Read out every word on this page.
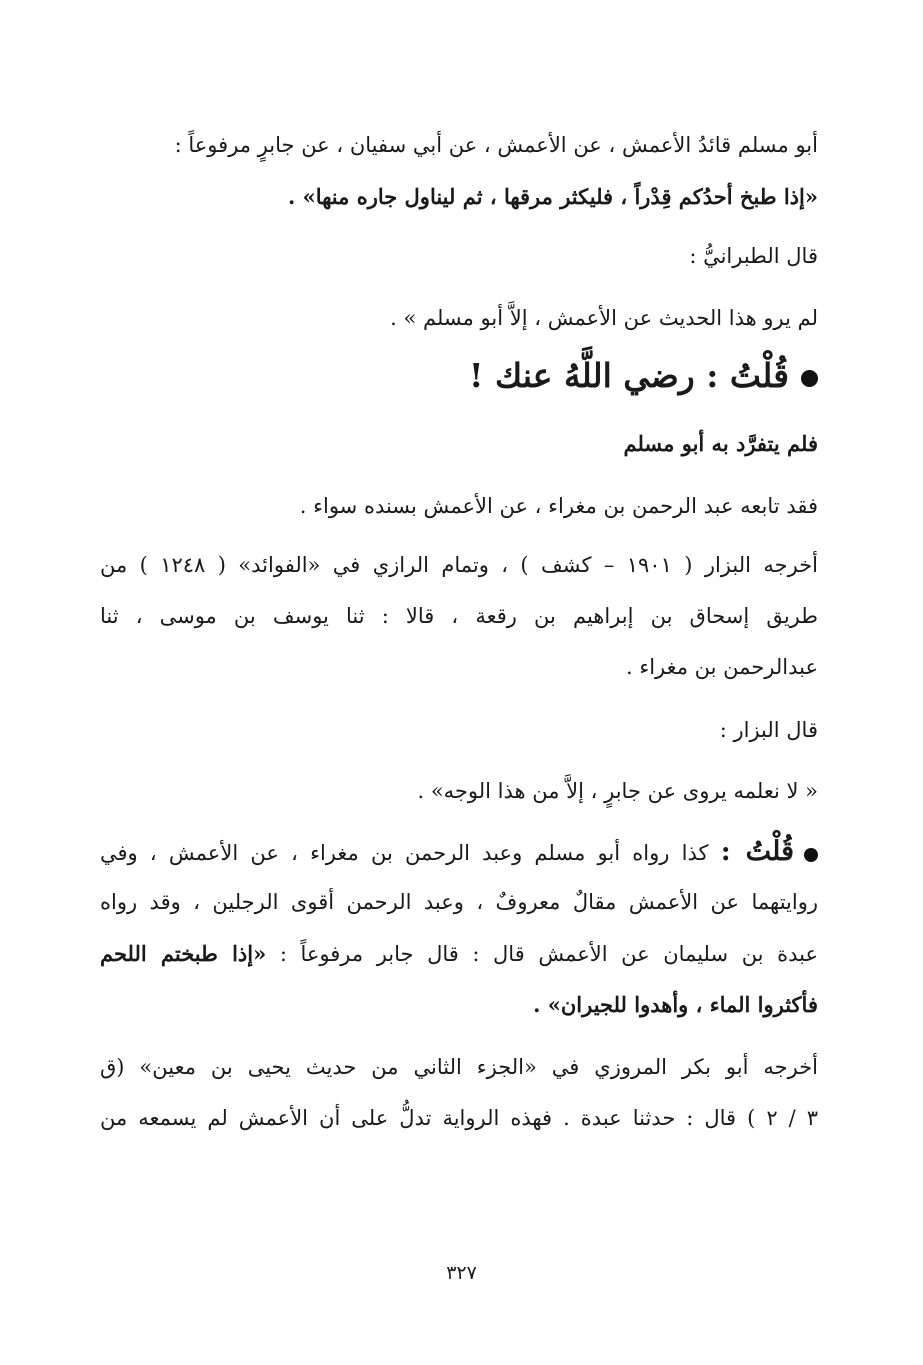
أبو مسلم قائدُ الأعمش ، عن الأعمش ، عن أبي سفيان ، عن جابرٍ مرفوعاً :
«إذا طبخ أحدُكم قِدْراً ، فليكثر مرقها ، ثم ليناول جاره منها» .
قال الطبرانيُّ :
لم يرو هذا الحديث عن الأعمش ، إلاَّ أبو مسلم » .
قُلْتُ : رضي اللَّهُ عنك !
فلم يتفرَّد به أبو مسلم
فقد تابعه عبد الرحمن بن مغراء ، عن الأعمش بسنده سواء .
أخرجه البزار ( ١٩٠١ – كشف ) ، وتمام الرازي في «الفوائد» ( ١٢٤٨ ) من
طريق إسحاق بن إبراهيم بن رقعة ، قالا : ثنا يوسف بن موسى ، ثنا
عبدالرحمن بن مغراء .
قال البزار :
« لا نعلمه يروى عن جابرٍ ، إلاَّ من هذا الوجه» .
قُلْتُ : كذا رواه أبو مسلم وعبد الرحمن بن مغراء ، عن الأعمش ، وفي
روايتهما عن الأعمش مقالٌ معروفٌ ، وعبد الرحمن أقوى الرجلين ، وقد رواه
عبدة بن سليمان عن الأعمش قال : قال جابر مرفوعاً : «إذا طبختم اللحم
فأكثروا الماء ، وأهدوا للجيران» .
أخرجه أبو بكر المروزي في «الجزء الثاني من حديث يحيى بن معين» (ق
٣ / ٢ ) قال : حدثنا عبدة . فهذه الرواية تدلُّ على أن الأعمش لم يسمعه من
٣٢٧
